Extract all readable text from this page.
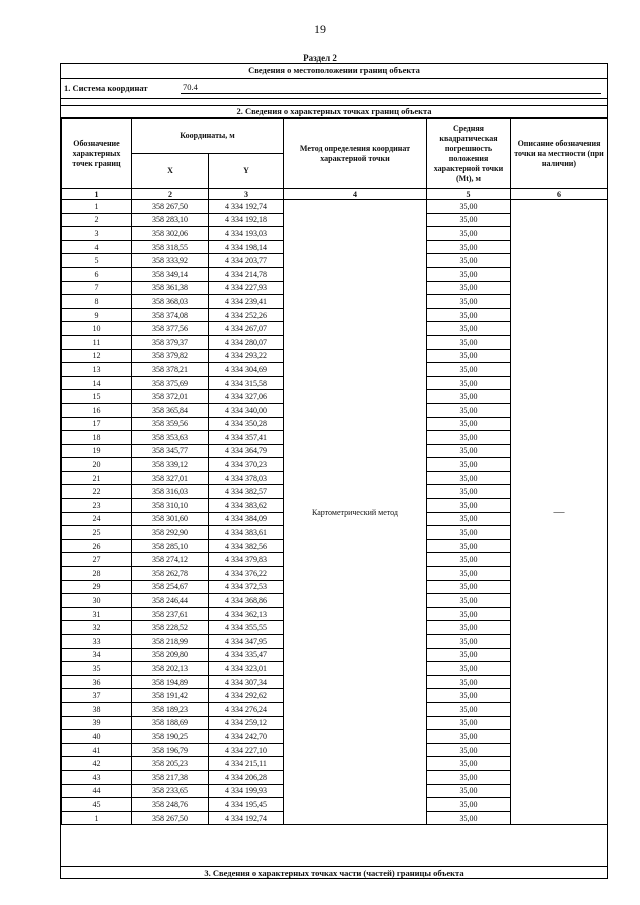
19
Раздел 2
Сведения о местоположении границ объекта
1. Система координат	70.4
2. Сведения о характерных точках границ объекта
Обозначение характерных точек границ	Координаты, м		Метод определения координат характерной точки	Средняя квадратическая погрешность положения характерной точки (Mt), м	Описание обозначения точки на местности (при наличии)
	X	Y			
1	2	3	4	5	6
1	358 267,50	4 334 192,74	Картометрический метод	35,00	—
2	358 283,10	4 334 192,18		35,00	
3	358 302,06	4 334 193,03		35,00	
4	358 318,55	4 334 198,14		35,00	
5	358 333,92	4 334 203,77		35,00	
6	358 349,14	4 334 214,78		35,00	
7	358 361,38	4 334 227,93		35,00	
8	358 368,03	4 334 239,41		35,00	
9	358 374,08	4 334 252,26		35,00	
10	358 377,56	4 334 267,07		35,00	
11	358 379,37	4 334 280,07		35,00	
12	358 379,82	4 334 293,22		35,00	
13	358 378,21	4 334 304,69		35,00	
14	358 375,69	4 334 315,58		35,00	
15	358 372,01	4 334 327,06		35,00	
16	358 365,84	4 334 340,00		35,00	
17	358 359,56	4 334 350,28		35,00	
18	358 353,63	4 334 357,41		35,00	
19	358 345,77	4 334 364,79		35,00	
20	358 339,12	4 334 370,23		35,00	
21	358 327,01	4 334 378,03		35,00	
22	358 316,03	4 334 382,57		35,00	
23	358 310,10	4 334 383,62		35,00	
24	358 301,60	4 334 384,09		35,00	
25	358 292,90	4 334 383,61		35,00	
26	358 285,10	4 334 382,56		35,00	
27	358 274,12	4 334 379,83		35,00	
28	358 262,78	4 334 376,22		35,00	
29	358 254,67	4 334 372,53		35,00	
30	358 246,44	4 334 368,86		35,00	
31	358 237,61	4 334 362,13		35,00	
32	358 228,52	4 334 355,55		35,00	
33	358 218,99	4 334 347,95		35,00	
34	358 209,80	4 334 335,47		35,00	
35	358 202,13	4 334 323,01		35,00	
36	358 194,89	4 334 307,34		35,00	
37	358 191,42	4 334 292,62		35,00	
38	358 189,23	4 334 276,24		35,00	
39	358 188,69	4 334 259,12		35,00	
40	358 190,25	4 334 242,70		35,00	
41	358 196,79	4 334 227,10		35,00	
42	358 205,23	4 334 215,11		35,00	
43	358 217,38	4 334 206,28		35,00	
44	358 233,65	4 334 199,93		35,00	
45	358 248,76	4 334 195,45		35,00	
1	358 267,50	4 334 192,74		35,00	
3. Сведения о характерных точках части (частей) границы объекта
